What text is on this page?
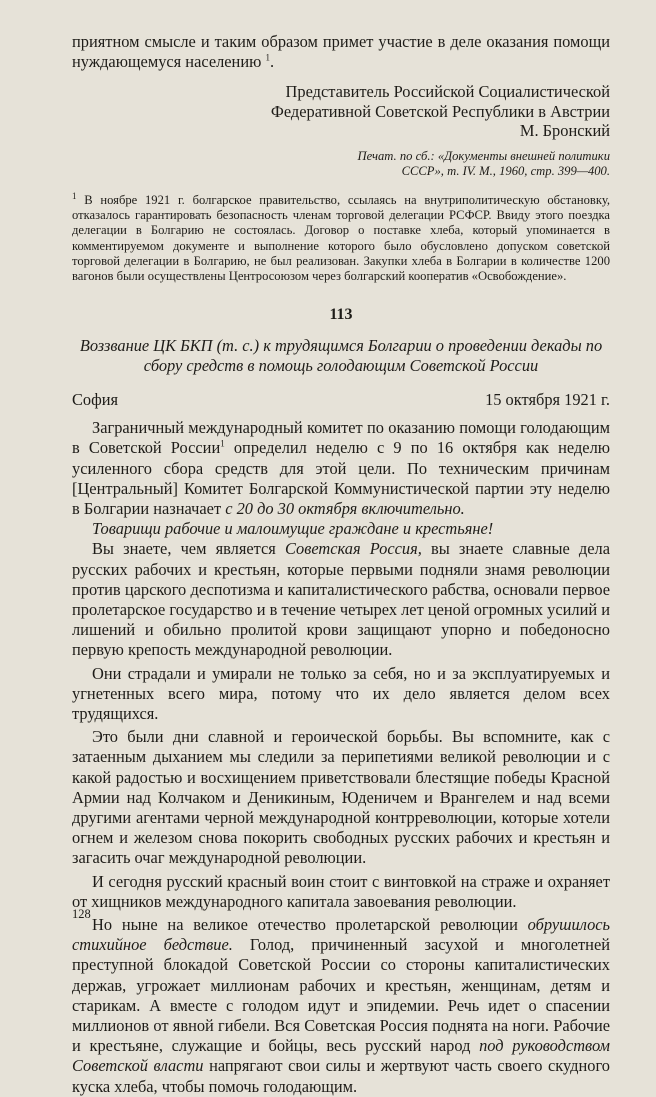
приятном смысле и таким образом примет участие в деле оказания помощи нуждающемуся населению $^1$.

Представитель Российской Социалистической
Федеративной Советской Республики в Австрии
М. Бронский
Печат. по сб.: «Документы внешней политики
СССР», т. IV. М., 1960, стр. 399—400.

$^1$ В ноябре 1921 г. болгарское правительство, ссылаясь на внутриполитическую обстановку, отказалось гарантировать безопасность членам торговой делегации РСФСР. Ввиду этого поездка делегации в Болгарию не состоялась. Договор о поставке хлеба, который упоминается в комментируемом документе и выполнение которого было обусловлено допуском советской торговой делегации в Болгарию, не был реализован. Закупки хлеба в Болгарии в количестве 1200 вагонов были осуществлены Центросоюзом через болгарский кооператив «Освобождение».

113
Воззвание ЦК БКП (т. с.) к трудящимся Болгарии о проведении декады по сбору средств в помощь голодающим Советской России
София	15 октября 1921 г.

Заграничный международный комитет по оказанию помощи голодающим в Советской России$^1$ определил неделю с 9 по 16 октября как неделю усиленного сбора средств для этой цели. По техническим причинам [Центральный] Комитет Болгарской Коммунистической партии эту неделю в Болгарии назначает с 20 до 30 октября включительно.

Товарищи рабочие и малоимущие граждане и крестьяне!

Вы знаете, чем является Советская Россия, вы знаете славные дела русских рабочих и крестьян, которые первыми подняли знамя революции против царского деспотизма и капиталистического рабства, основали первое пролетарское государство и в течение четырех лет ценой огромных усилий и лишений и обильно пролитой крови защищают упорно и победоносно первую крепость международной революции.

Они страдали и умирали не только за себя, но и за эксплуатируемых и угнетенных всего мира, потому что их дело является делом всех трудящихся.

Это были дни славной и героической борьбы. Вы вспомните, как с затаенным дыханием мы следили за перипетиями великой революции и с какой радостью и восхищением приветствовали блестящие победы Красной Армии над Колчаком и Деникиным, Юденичем и Врангелем и над всеми другими агентами черной международной контрреволюции, которые хотели огнем и железом снова покорить свободных русских рабочих и крестьян и загасить очаг международной революции.

И сегодня русский красный воин стоит с винтовкой на страже и охраняет от хищников международного капитала завоевания революции.

Но ныне на великое отечество пролетарской революции обрушилось стихийное бедствие. Голод, причиненный засухой и многолетней преступной блокадой Советской России со стороны капиталистических держав, угрожает миллионам рабочих и крестьян, женщинам, детям и старикам. А вместе с голодом идут и эпидемии. Речь идет о спасении миллионов от явной гибели. Вся Советская Россия поднята на ноги. Рабочие и крестьяне, служащие и бойцы, весь русский народ под руководством Советской власти напрягают свои силы и жертвуют часть своего скудного куска хлеба, чтобы помочь голодающим.

128
